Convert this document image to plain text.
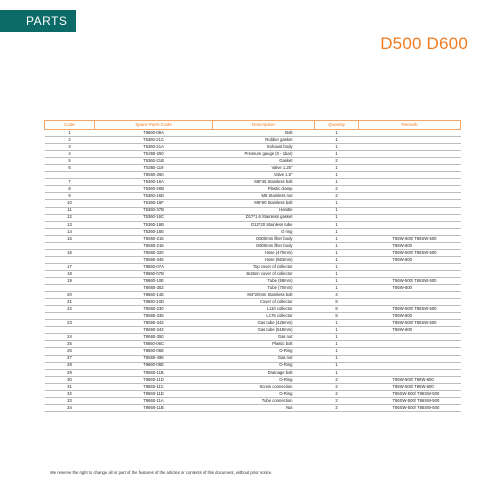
PARTS
D500 D600
Code	Spare Parts Code	Description	Quantity	Remark
1	T8660-08A	Bolt	1	
2	T5360-21C	Rubber gasket	1	
3	T5360-21A	Exhaust body	1	
4	T5360-250	Pressure gauge (0 - 1bar)	1	
5	T5360-21B	Gasket	2	
6	T5360-119	Valve 1.25"	1	
	T8660-260	Valve 1.5"	1	
7	T5360-16A	M6*45 Stainless bolt	1	
8	T5360-26B	Plastic clamp	2	
9	T5360-16D	M6 Stainless nut	2	
10	T5360-16F	M6*60 Stainless bolt	1	
11	T5360-37B	Handle	1	
12	T5360-16C	D17*1.6 Stainless gasket	1	
13	T5360-16B	D13*20 Stainless tube	1	
14	T5360-16E	O ring	1	
15	T8660-215	D500mm filter body	1	T86W-500/ T86SW-500
	T8660-216	D600mm filter body	1	T86W-600
16	T8660-320	Hose (470mm)	1	T86W-500/ T86SW-500
	T8660-346	Hose (563mm)	1	T86W-600
17	T8660-07A	Top cover of collector	1	
18	T8660-07B	Bottom cover of collector	1	
19	T8660-10E	Tube (58mm)	1	T86W-500/ T86SW-500
	T8660-352	Tube (70mm)	1	T86W-600
20	T8660-14E	M4*20mm Stainless bolt	4	
21	T8660-10D	Cover of collector	8	
22	T8660-230	L110 collector	8	T86W-500/ T86SW-500
	T8660-335	L175 collector	8	T86W-600
23	T8660-343	Gas tube (426mm)	1	T86W-500/ T86SW-500
	T8660-342	Gas tube (518mm)	1	T86W-600
24	T8660-350	Gas nut	1	
25	T8660-06C	Plastic bolt	1	
26	T8660-06E	O-Ring	1	
27	T8660-496	Gas nut	1	
28	T8660-06E	O-Ring	1	
29	T8660-11B	Drainage bolt	1	
30	T8660-11D	O-Ring	2	T86W-500/ T86W-600
31	T8660-11C	Screw connection	2	T86W-500/ T86W-600
32	T8660-11D	O-Ring	2	T86SW-500/ T86SW-500
33	T8660-11A	Tube connection	2	T86SW-500/ T86SW-500
34	T8660-11B	Nut	2	T86SW-500/ T86SW-500
We reserve the right to change all or part of the features of the articles or contents of this document, without prior notice.
